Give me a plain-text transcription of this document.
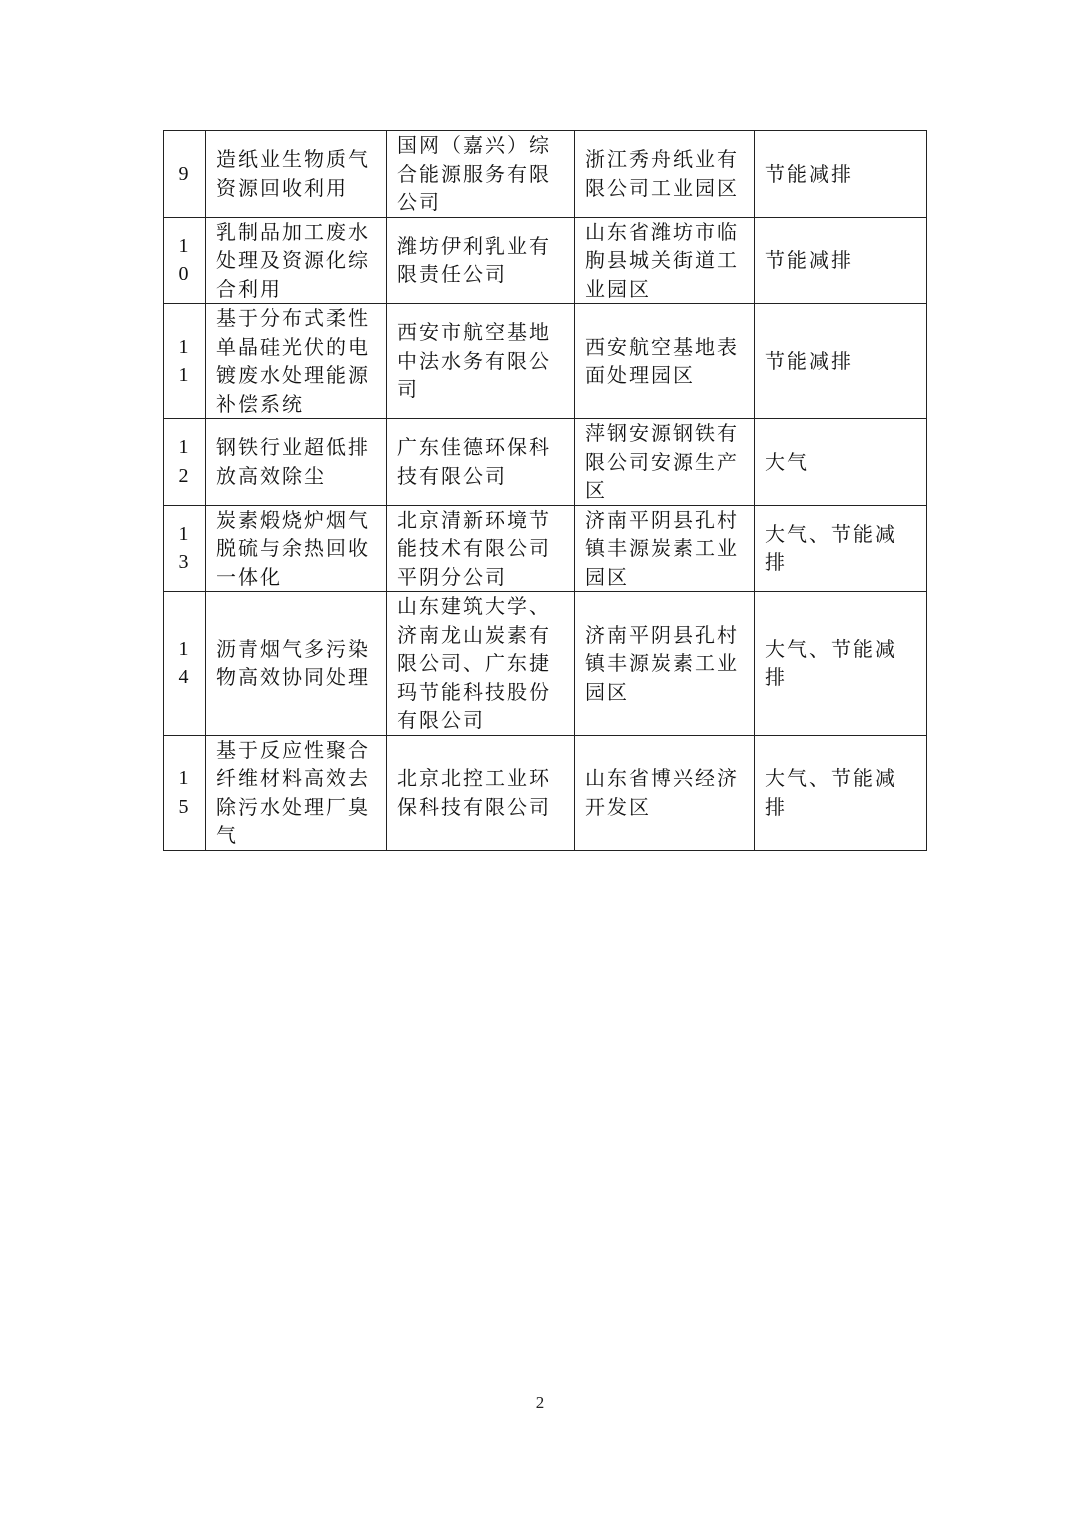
9	造纸业生物质气资源回收利用	国网（嘉兴）综合能源服务有限公司	浙江秀舟纸业有限公司工业园区	节能减排
10	乳制品加工废水处理及资源化综合利用	潍坊伊利乳业有限责任公司	山东省潍坊市临朐县城关街道工业园区	节能减排
11	基于分布式柔性单晶硅光伏的电镀废水处理能源补偿系统	西安市航空基地中法水务有限公司	西安航空基地表面处理园区	节能减排
12	钢铁行业超低排放高效除尘	广东佳德环保科技有限公司	萍钢安源钢铁有限公司安源生产区	大气
13	炭素煅烧炉烟气脱硫与余热回收一体化	北京清新环境节能技术有限公司平阴分公司	济南平阴县孔村镇丰源炭素工业园区	大气、节能减排
14	沥青烟气多污染物高效协同处理	山东建筑大学、济南龙山炭素有限公司、广东捷玛节能科技股份有限公司	济南平阴县孔村镇丰源炭素工业园区	大气、节能减排
15	基于反应性聚合纤维材料高效去除污水处理厂臭气	北京北控工业环保科技有限公司	山东省博兴经济开发区	大气、节能减排
2
